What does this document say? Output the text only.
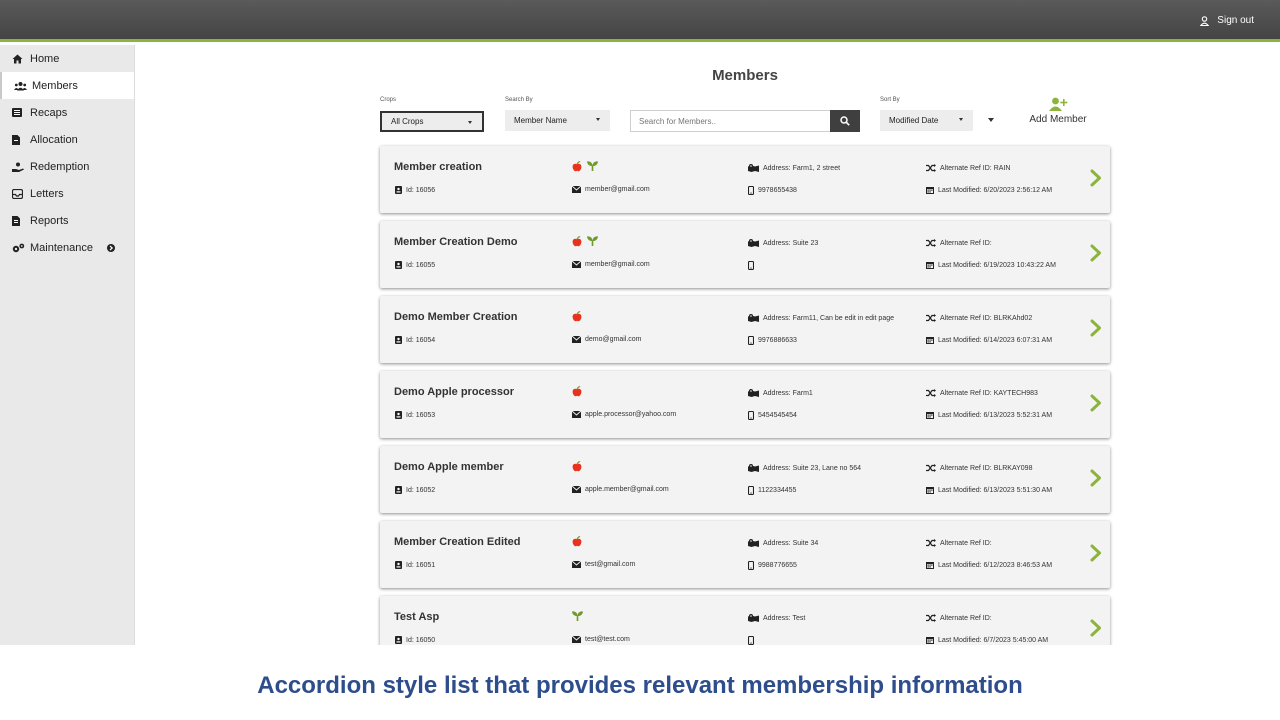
Sign out
Home
Members
Recaps
Allocation
Redemption
Letters
Reports
Maintenance
Members
Crops
All Crops
Search By
Member Name
Search for Members..
Sort By
Modified Date	Add Member
Member creation
Id: 16056	member@gmail.com
Address: Farm1, 2 street
9978655438
Alternate Ref ID: RAIN
Last Modified: 6/20/2023 2:56:12 AM
Member Creation Demo
Id: 16055	member@gmail.com
Address: Suite 23	Alternate Ref ID:
Last Modified: 6/19/2023 10:43:22 AM
Demo Member Creation
Id: 16054	demo@gmail.com
Address: Farm11, Can be edit in edit page
9976886633
Alternate Ref ID: BLRKAhd02
Last Modified: 6/14/2023 6:07:31 AM
Demo Apple processor
Id: 16053	apple.processor@yahoo.com
Address: Farm1
5454545454
Alternate Ref ID: KAYTECH983
Last Modified: 6/13/2023 5:52:31 AM
Demo Apple member
Id: 16052	apple.member@gmail.com
Address: Suite 23, Lane no 564
1122334455
Alternate Ref ID: BLRKAY098
Last Modified: 6/13/2023 5:51:30 AM
Member Creation Edited
Id: 16051	test@gmail.com
Address: Suite 34
9988776655
Alternate Ref ID:
Last Modified: 6/12/2023 8:46:53 AM
Test Asp
Id: 16050	test@test.com
Address: Test	Alternate Ref ID:
Last Modified: 6/7/2023 5:45:00 AM
Accordion style list that provides relevant membership information
